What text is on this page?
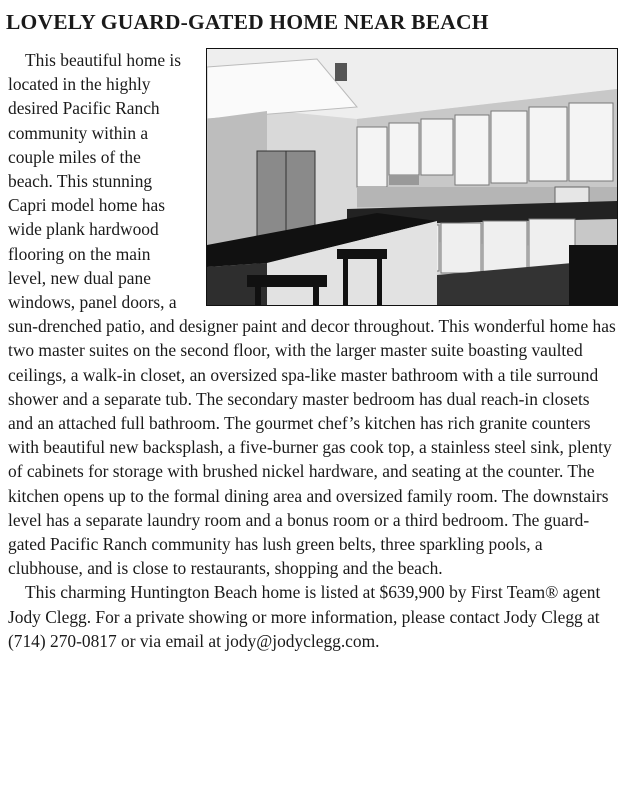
LOVELY GUARD-GATED HOME NEAR BEACH

This beautiful home is located in the highly desired Pacific Ranch community within a couple miles of the beach. This stunning Capri model home has wide plank hardwood flooring on the main level, new dual pane windows, panel doors, a sun-drenched patio, and designer paint and decor throughout. This wonderful home has two master suites on the second floor, with the larger master suite boasting vaulted ceilings, a walk-in closet, an oversized spa-like master bathroom with a tile surround shower and a separate tub. The secondary master bedroom has dual reach-in closets and an attached full bathroom. The gourmet chef’s kitchen has rich granite counters with beautiful new backsplash, a five-burner gas cook top, a stainless steel sink, plenty of cabinets for storage with brushed nickel hardware, and seating at the counter. The kitchen opens up to the formal dining area and oversized family room. The downstairs level has a separate laundry room and a bonus room or a third bedroom. The guard-gated Pacific Ranch community has lush green belts, three sparkling pools, a clubhouse, and is close to restaurants, shopping and the beach.

This charming Huntington Beach home is listed at $639,900 by First Team® agent Jody Clegg. For a private showing or more information, please contact Jody Clegg at (714) 270-0817 or via email at jody@jodyclegg.com.
